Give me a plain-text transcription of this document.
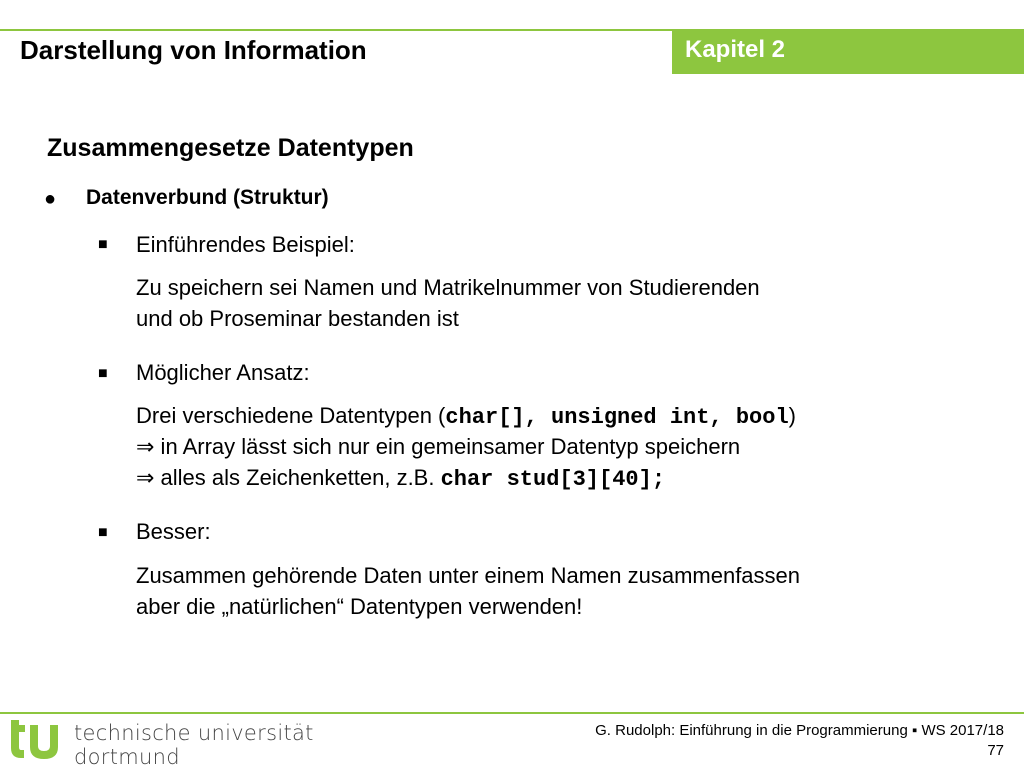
Darstellung von Information	Kapitel 2
Zusammengesetze Datentypen
● Datenverbund (Struktur)
■ Einführendes Beispiel:
Zu speichern sei Namen und Matrikelnummer von Studierenden
und ob Proseminar bestanden ist
■ Möglicher Ansatz:
Drei verschiedene Datentypen (char[], unsigned int, bool)
⇒ in Array lässt sich nur ein gemeinsamer Datentyp speichern
⇒ alles als Zeichenketten, z.B. char stud[3][40];
■ Besser:
Zusammen gehörende Daten unter einem Namen zusammenfassen
aber die „natürlichen“ Datentypen verwenden!
technische universität
dortmund
G. Rudolph: Einführung in die Programmierung ▪ WS 2017/18
77
